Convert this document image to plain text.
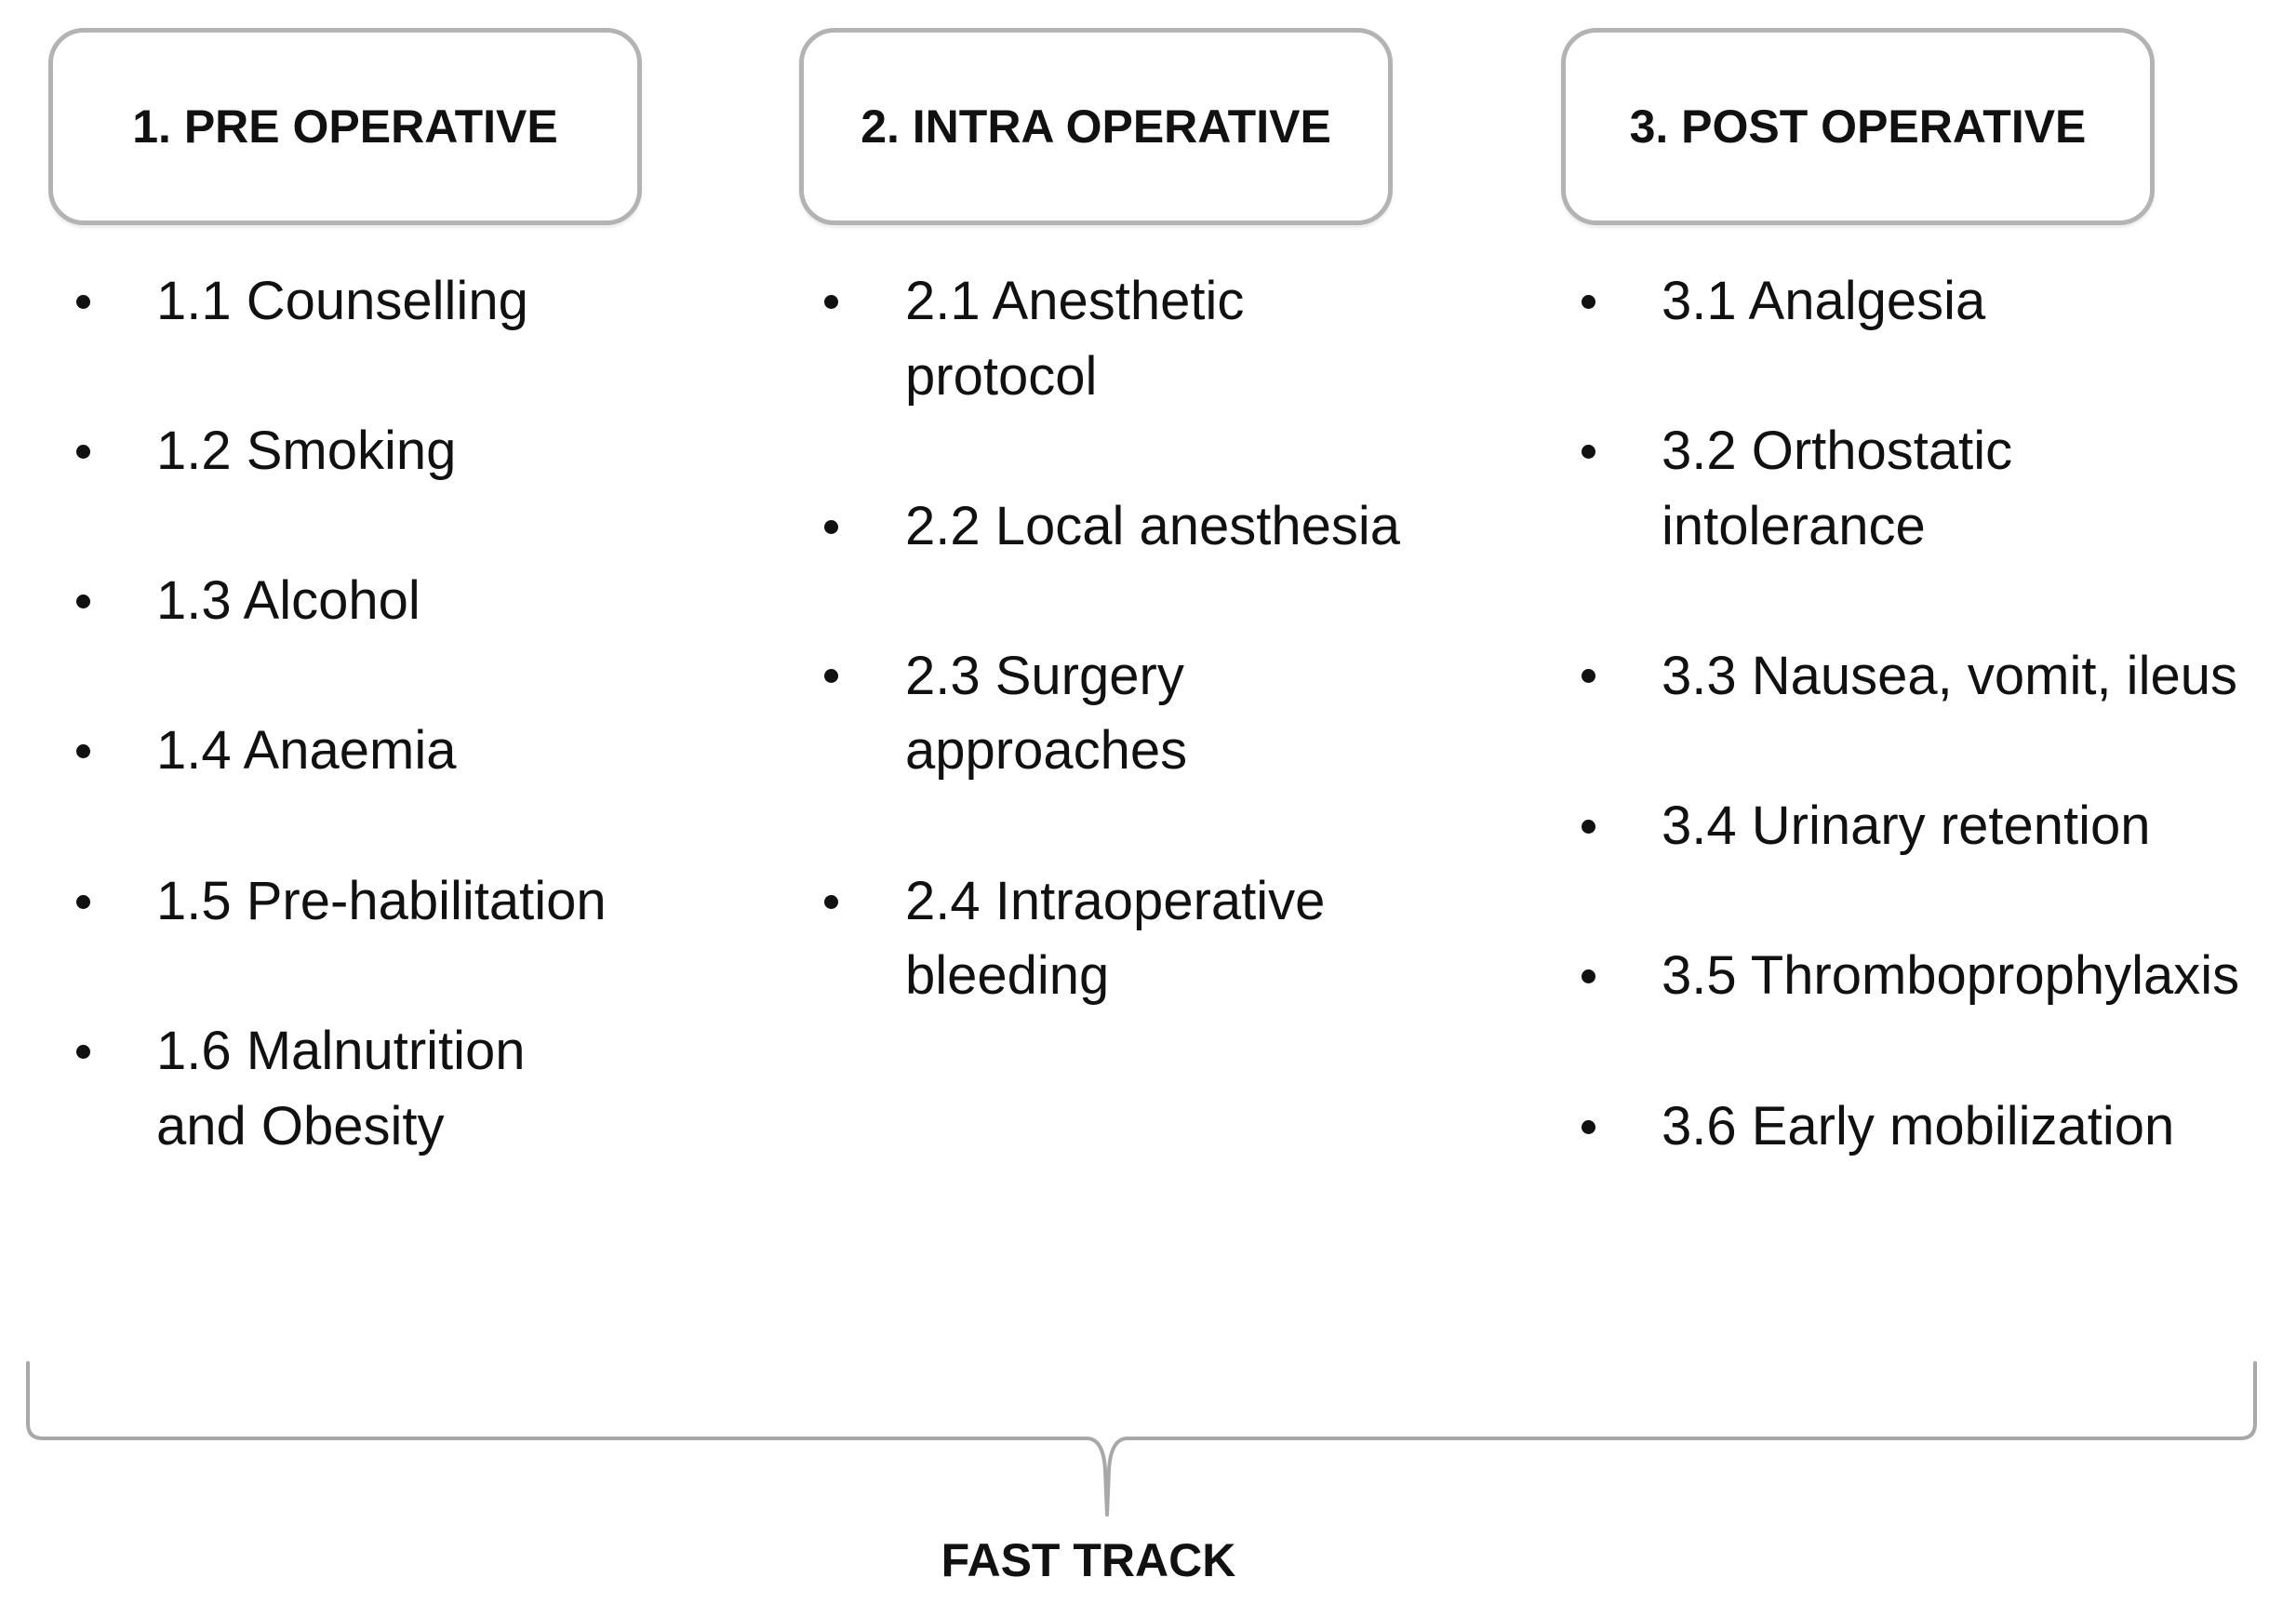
1. PRE OPERATIVE	2. INTRA OPERATIVE	3. POST OPERATIVE
1.1 Counselling
1.2 Smoking
1.3 Alcohol
1.4 Anaemia
1.5 Pre-habilitation
1.6 Malnutrition
and Obesity
2.1 Anesthetic
protocol
2.2 Local anesthesia
2.3 Surgery
approaches
2.4 Intraoperative
bleeding
3.1 Analgesia
3.2 Orthostatic
intolerance
3.3 Nausea, vomit, ileus
3.4 Urinary retention
3.5 Thromboprophylaxis
3.6 Early mobilization
FAST TRACK
